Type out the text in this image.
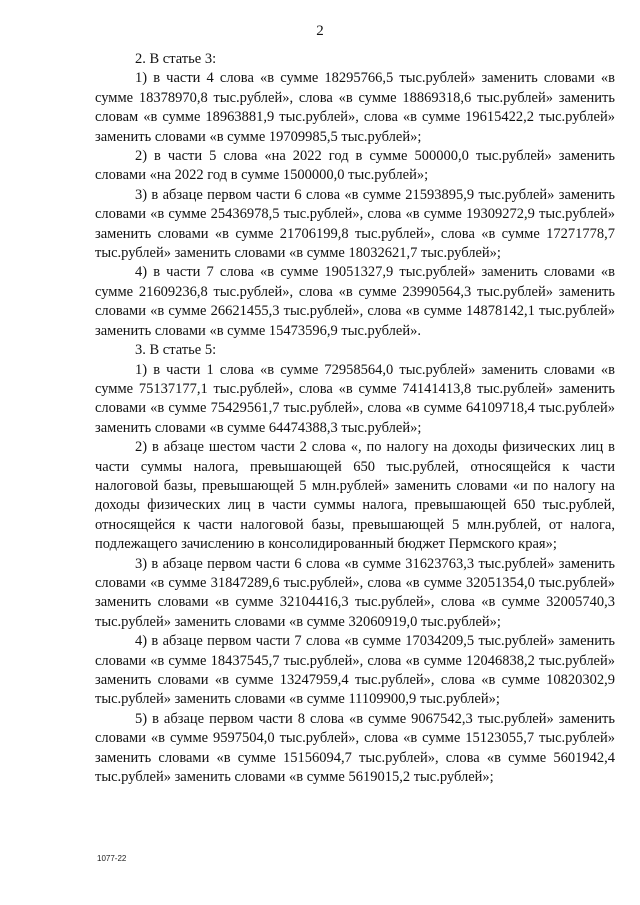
2

2. В статье 3:

1) в части 4 слова «в сумме 18295766,5 тыс.рублей» заменить словами «в сумме 18378970,8 тыс.рублей», слова «в сумме 18869318,6 тыс.рублей» заменить словам «в сумме 18963881,9 тыс.рублей», слова «в сумме 19615422,2 тыс.рублей» заменить словами «в сумме 19709985,5 тыс.рублей»;

2) в части 5 слова «на 2022 год в сумме 500000,0 тыс.рублей» заменить словами «на 2022 год в сумме 1500000,0 тыс.рублей»;

3) в абзаце первом части 6 слова «в сумме 21593895,9 тыс.рублей» заменить словами «в сумме 25436978,5 тыс.рублей», слова «в сумме 19309272,9 тыс.рублей» заменить словами «в сумме 21706199,8 тыс.рублей», слова «в сумме 17271778,7 тыс.рублей» заменить словами «в сумме 18032621,7 тыс.рублей»;

4) в части 7 слова «в сумме 19051327,9 тыс.рублей» заменить словами «в сумме 21609236,8 тыс.рублей», слова «в сумме 23990564,3 тыс.рублей» заменить словами «в сумме 26621455,3 тыс.рублей», слова «в сумме 14878142,1 тыс.рублей» заменить словами «в сумме 15473596,9 тыс.рублей».

3. В статье 5:

1) в части 1 слова «в сумме 72958564,0 тыс.рублей» заменить словами «в сумме 75137177,1 тыс.рублей», слова «в сумме 74141413,8 тыс.рублей» заменить словами «в сумме 75429561,7 тыс.рублей», слова «в сумме 64109718,4 тыс.рублей» заменить словами «в сумме 64474388,3 тыс.рублей»;

2) в абзаце шестом части 2 слова «, по налогу на доходы физических лиц в части суммы налога, превышающей 650 тыс.рублей, относящейся к части налоговой базы, превышающей 5 млн.рублей» заменить словами «и по налогу на доходы физических лиц в части суммы налога, превышающей 650 тыс.рублей, относящейся к части налоговой базы, превышающей 5 млн.рублей, от налога, подлежащего зачислению в консолидированный бюджет Пермского края»;

3) в абзаце первом части 6 слова «в сумме 31623763,3 тыс.рублей» заменить словами «в сумме 31847289,6 тыс.рублей», слова «в сумме 32051354,0 тыс.рублей» заменить словами «в сумме 32104416,3 тыс.рублей», слова «в сумме 32005740,3 тыс.рублей» заменить словами «в сумме 32060919,0 тыс.рублей»;

4) в абзаце первом части 7 слова «в сумме 17034209,5 тыс.рублей» заменить словами «в сумме 18437545,7 тыс.рублей», слова «в сумме 12046838,2 тыс.рублей» заменить словами «в сумме 13247959,4 тыс.рублей», слова «в сумме 10820302,9 тыс.рублей» заменить словами «в сумме 11109900,9 тыс.рублей»;

5) в абзаце первом части 8 слова «в сумме 9067542,3 тыс.рублей» заменить словами «в сумме 9597504,0 тыс.рублей», слова «в сумме 15123055,7 тыс.рублей» заменить словами «в сумме 15156094,7 тыс.рублей», слова «в сумме 5601942,4 тыс.рублей» заменить словами «в сумме 5619015,2 тыс.рублей»;

1077-22
